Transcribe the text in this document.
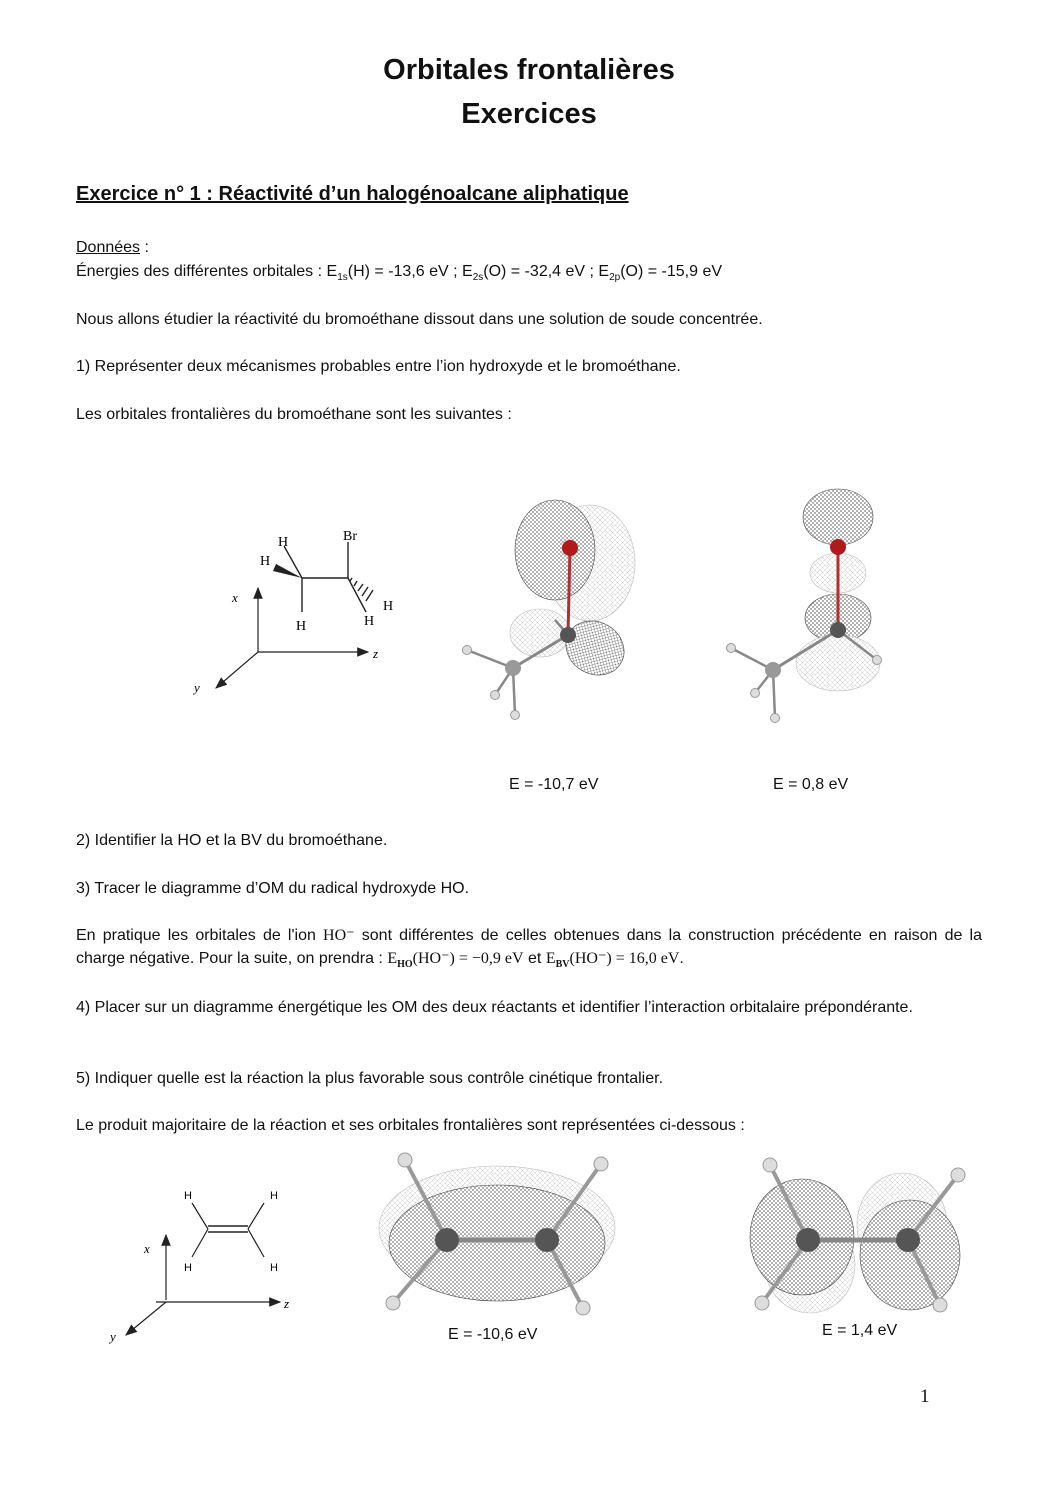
Orbitales frontalières
Exercices
Exercice n° 1 : Réactivité d’un halogénoalcane aliphatique
Données :
Énergies des différentes orbitales : $E_{1s}(H) = -13,6$ eV ; $E_{2s}(O) = -32,4$ eV ; $E_{2p}(O) = -15,9$ eV
Nous allons étudier la réactivité du bromoéthane dissout dans une solution de soude concentrée.
1) Représenter deux mécanismes probables entre l’ion hydroxyde et le bromoéthane.
Les orbitales frontalières du bromoéthane sont les suivantes :
x
z
y
Br
H
H
H
H
H
E = -10,7 eV	E = 0,8 eV
2) Identifier la HO et la BV du bromoéthane.
3) Tracer le diagramme d’OM du radical hydroxyde HO.
En pratique les orbitales de l'ion HO⁻ sont différentes de celles obtenues dans la construction précédente en raison de la charge négative. Pour la suite, on prendra : $E_{HO}(HO^-) = -0,9$ eV et $E_{BV}(HO^-) = 16,0$ eV.
4) Placer sur un diagramme énergétique les OM des deux réactants et identifier l’interaction orbitalaire prépondérante.
5) Indiquer quelle est la réaction la plus favorable sous contrôle cinétique frontalier.
Le produit majoritaire de la réaction et ses orbitales frontalières sont représentées ci-dessous :
x
z
y
H	H
H	H
E = -10,6 eV	E = 1,4 eV
1
